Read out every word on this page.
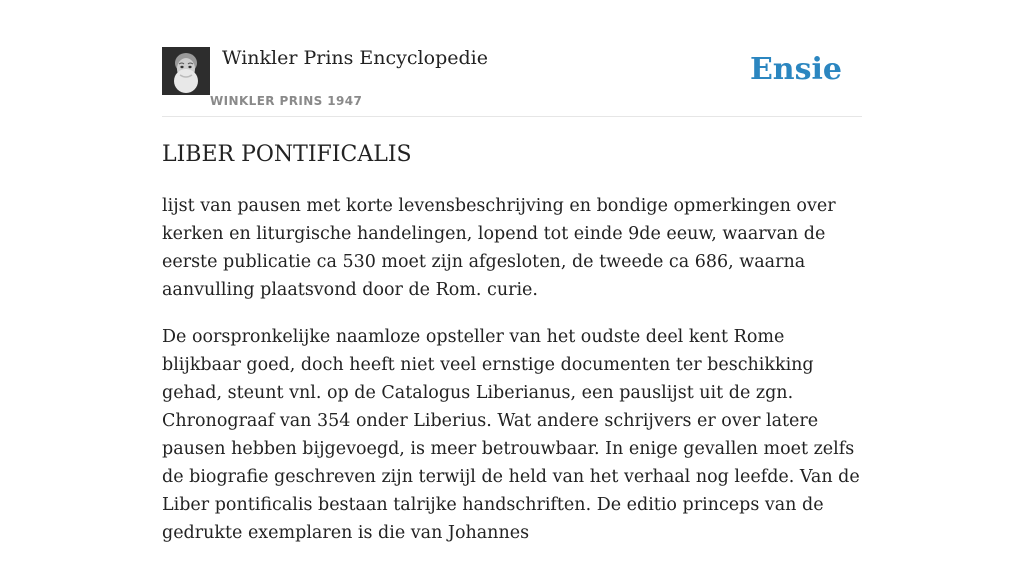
Winkler Prins Encyclopedie
WINKLER PRINS 1947
Ensie
LIBER PONTIFICALIS

lijst van pausen met korte levensbeschrijving en bondige opmerkingen over kerken en liturgische handelingen, lopend tot einde 9de eeuw, waarvan de eerste publicatie ca 530 moet zijn afgesloten, de tweede ca 686, waarna aanvulling plaatsvond door de Rom. curie.

De oorspronkelijke naamloze opsteller van het oudste deel kent Rome blijkbaar goed, doch heeft niet veel ernstige documenten ter beschikking gehad, steunt vnl. op de Catalogus Liberianus, een pauslijst uit de zgn. Chronograaf van 354 onder Liberius. Wat andere schrijvers er over latere pausen hebben bijgevoegd, is meer betrouwbaar. In enige gevallen moet zelfs de biografie geschreven zijn terwijl de held van het verhaal nog leefde. Van de Liber pontificalis bestaan talrijke handschriften. De editio princeps van de gedrukte exemplaren is die van Johannes
